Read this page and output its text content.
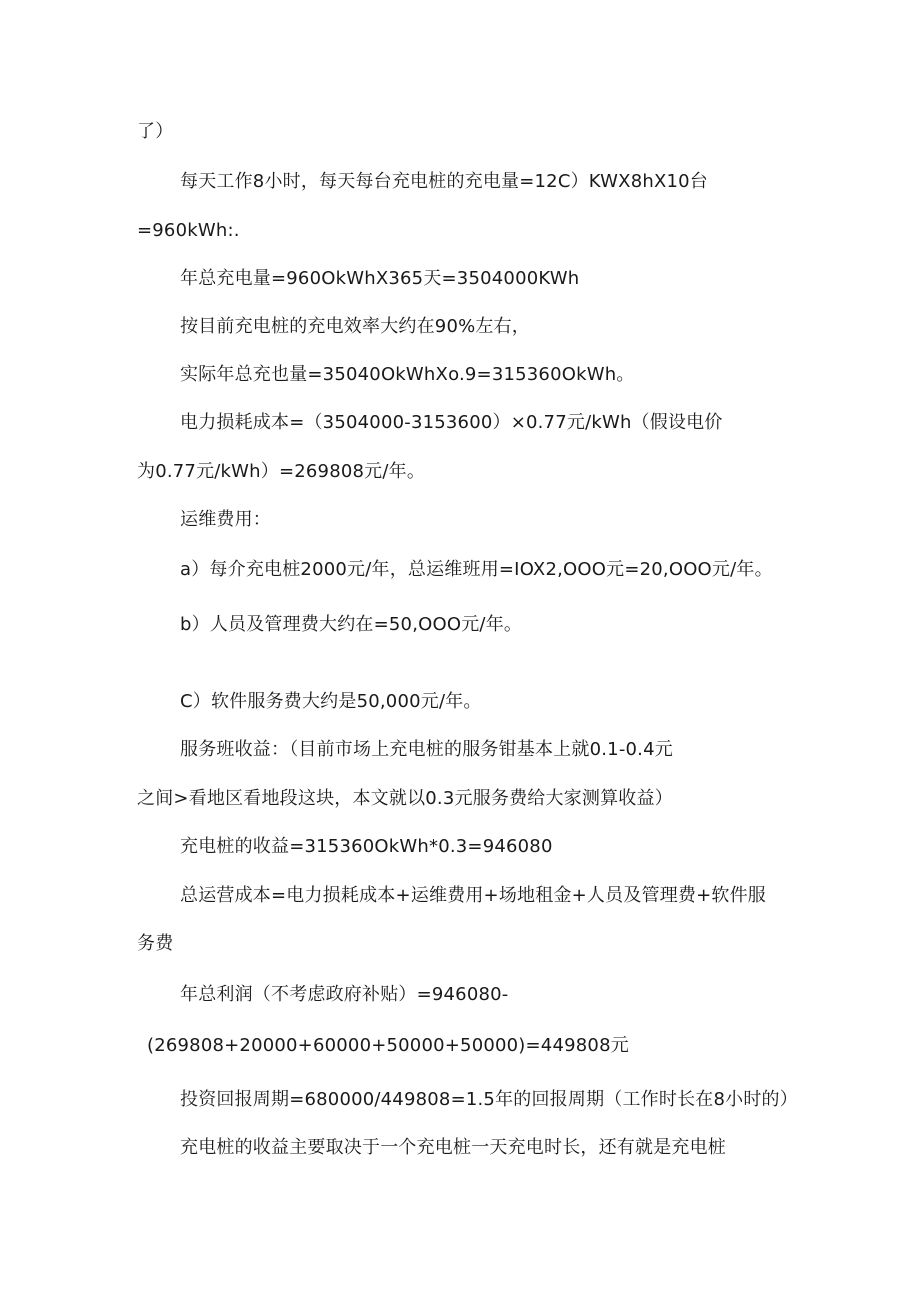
了）
每天工作8小时，每天每台充电桩的充电量=12C）KWX8hX10台
=960kWh:.
年总充电量=960OkWhX365天=3504000KWh
按目前充电桩的充电效率大约在90%左右，
实际年总充也量=35040OkWhXo.9=315360OkWh。
电力损耗成本=（3504000-3153600）×0.77元/kWh（假设电价
为0.77元/kWh）=269808元/年。
运维费用：
a）每介充电桩2000元/年，总运维班用=IOX2,OOO元=20,OOO元/年。
b）人员及管理费大约在=50,OOO元/年。
C）软件服务费大约是50,000元/年。
服务班收益：（目前市场上充电桩的服务钳基本上就0.1-0.4元
之间>看地区看地段这块，本文就以0.3元服务费给大家测算收益）
充电桩的收益=315360OkWh*0.3=946080
总运营成本=电力损耗成本+运维费用+场地租金+人员及管理费+软件服
务费
年总利润（不考虑政府补贴）=946080-
(269808+20000+60000+50000+50000)=449808元
投资回报周期=680000/449808=1.5年的回报周期（工作时长在8小时的）
充电桩的收益主要取决于一个充电桩一天充电时长，还有就是充电桩
